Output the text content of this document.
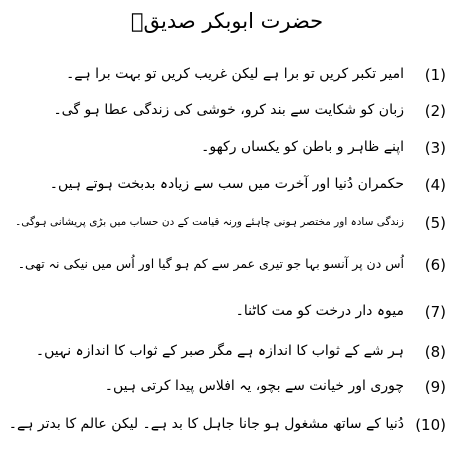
حضرت ابوبکر صدیقؓ
(1)
امیر تکبر کریں تو برا ہے لیکن غریب کریں تو بہت برا ہے۔
(2)
زبان کو شکایت سے بند کرو، خوشی کی زندگی عطا ہو گی۔
(3)
اپنے ظاہر و باطن کو یکساں رکھو۔
(4)
حکمران دُنیا اور آخرت میں سب سے زیادہ بدبخت ہوتے ہیں۔
(5)
زندگی سادہ اور مختصر ہونی چاہئے ورنہ قیامت کے دن حساب میں بڑی پریشانی ہوگی۔
(6)
اُس دن پر آنسو بہا جو تیری عمر سے کم ہو گیا اور اُس میں نیکی نہ تھی۔
(7)
میوہ دار درخت کو مت کاٹنا۔
(8)
ہر شے کے ثواب کا اندازہ ہے مگر صبر کے ثواب کا اندازہ نہیں۔
(9)
چوری اور خیانت سے بچو، یہ افلاس پیدا کرتی ہیں۔
(10)
دُنیا کے ساتھ مشغول ہو جانا جاہل کا بد ہے۔ لیکن عالم کا بدتر ہے۔
